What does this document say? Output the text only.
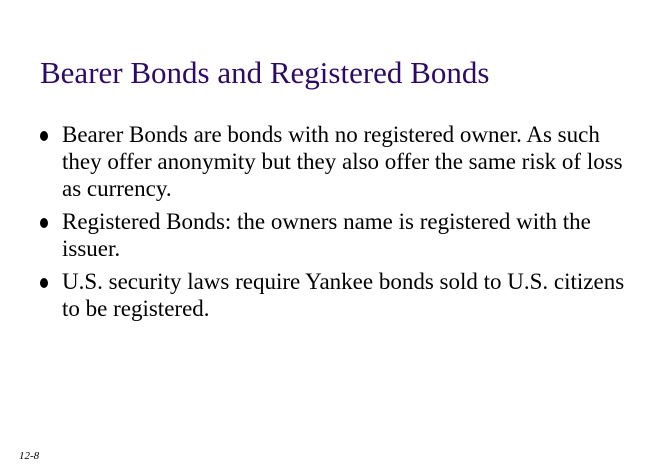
Bearer Bonds and Registered Bonds
Bearer Bonds are bonds with no registered owner. As such they offer anonymity but they also offer the same risk of loss as currency.
Registered Bonds: the owners name is registered with the issuer.
U.S. security laws require Yankee bonds sold to U.S. citizens to be registered.
12-8
